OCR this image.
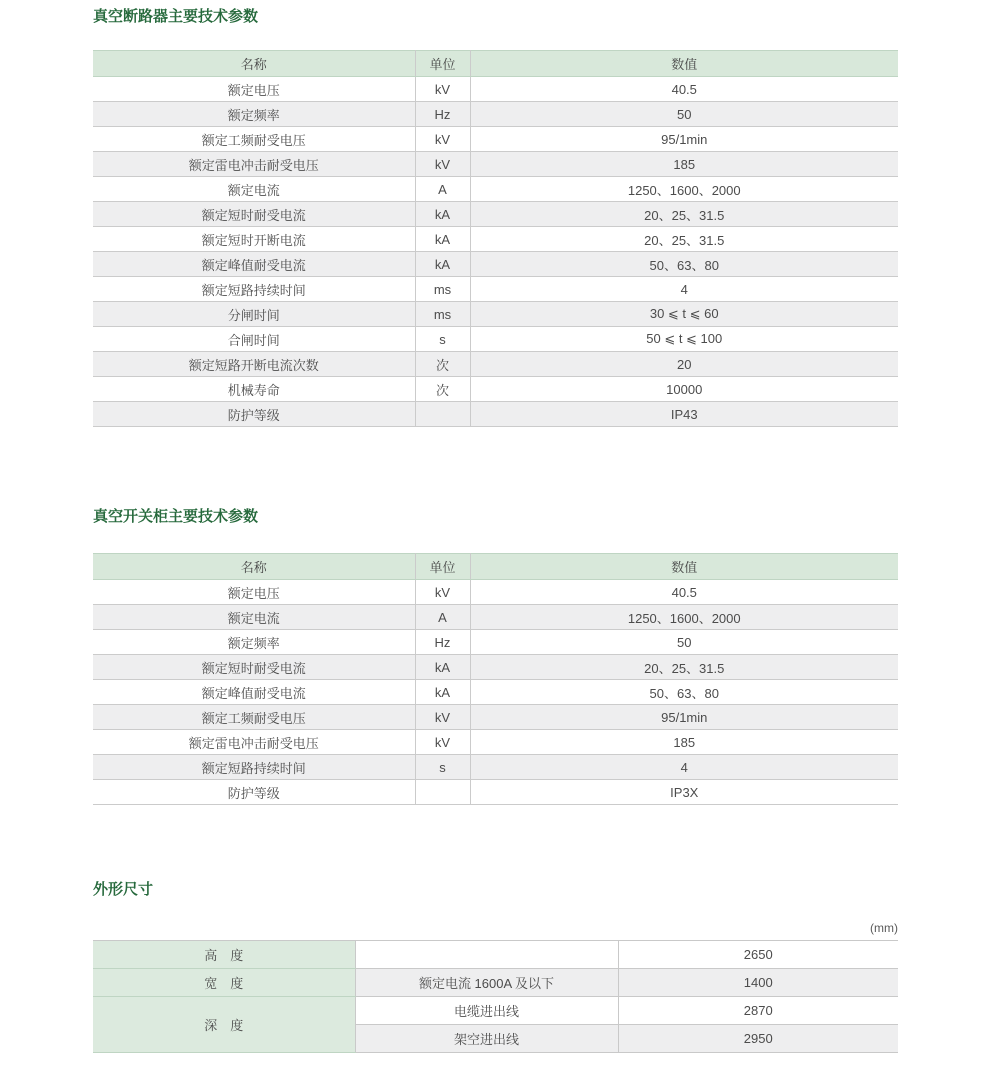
真空断路器主要技术参数
名称	单位	数值
额定电压	kV	40.5
额定频率	Hz	50
额定工频耐受电压	kV	95/1min
额定雷电冲击耐受电压	kV	185
额定电流	A	1250、1600、2000
额定短时耐受电流	kA	20、25、31.5
额定短时开断电流	kA	20、25、31.5
额定峰值耐受电流	kA	50、63、80
额定短路持续时间	ms	4
分闸时间	ms	30 ⩽ t ⩽ 60
合闸时间	s	50 ⩽ t ⩽ 100
额定短路开断电流次数	次	20
机械寿命	次	10000
防护等级		IP43
真空开关柜主要技术参数
名称	单位	数值
额定电压	kV	40.5
额定电流	A	1250、1600、2000
额定频率	Hz	50
额定短时耐受电流	kA	20、25、31.5
额定峰值耐受电流	kA	50、63、80
额定工频耐受电压	kV	95/1min
额定雷电冲击耐受电压	kV	185
额定短路持续时间	s	4
防护等级		IP3X
外形尺寸
(mm)
高　度		2650
宽　度	额定电流 1600A 及以下	1400
深　度	电缆进出线	2870
	架空进出线	2950
